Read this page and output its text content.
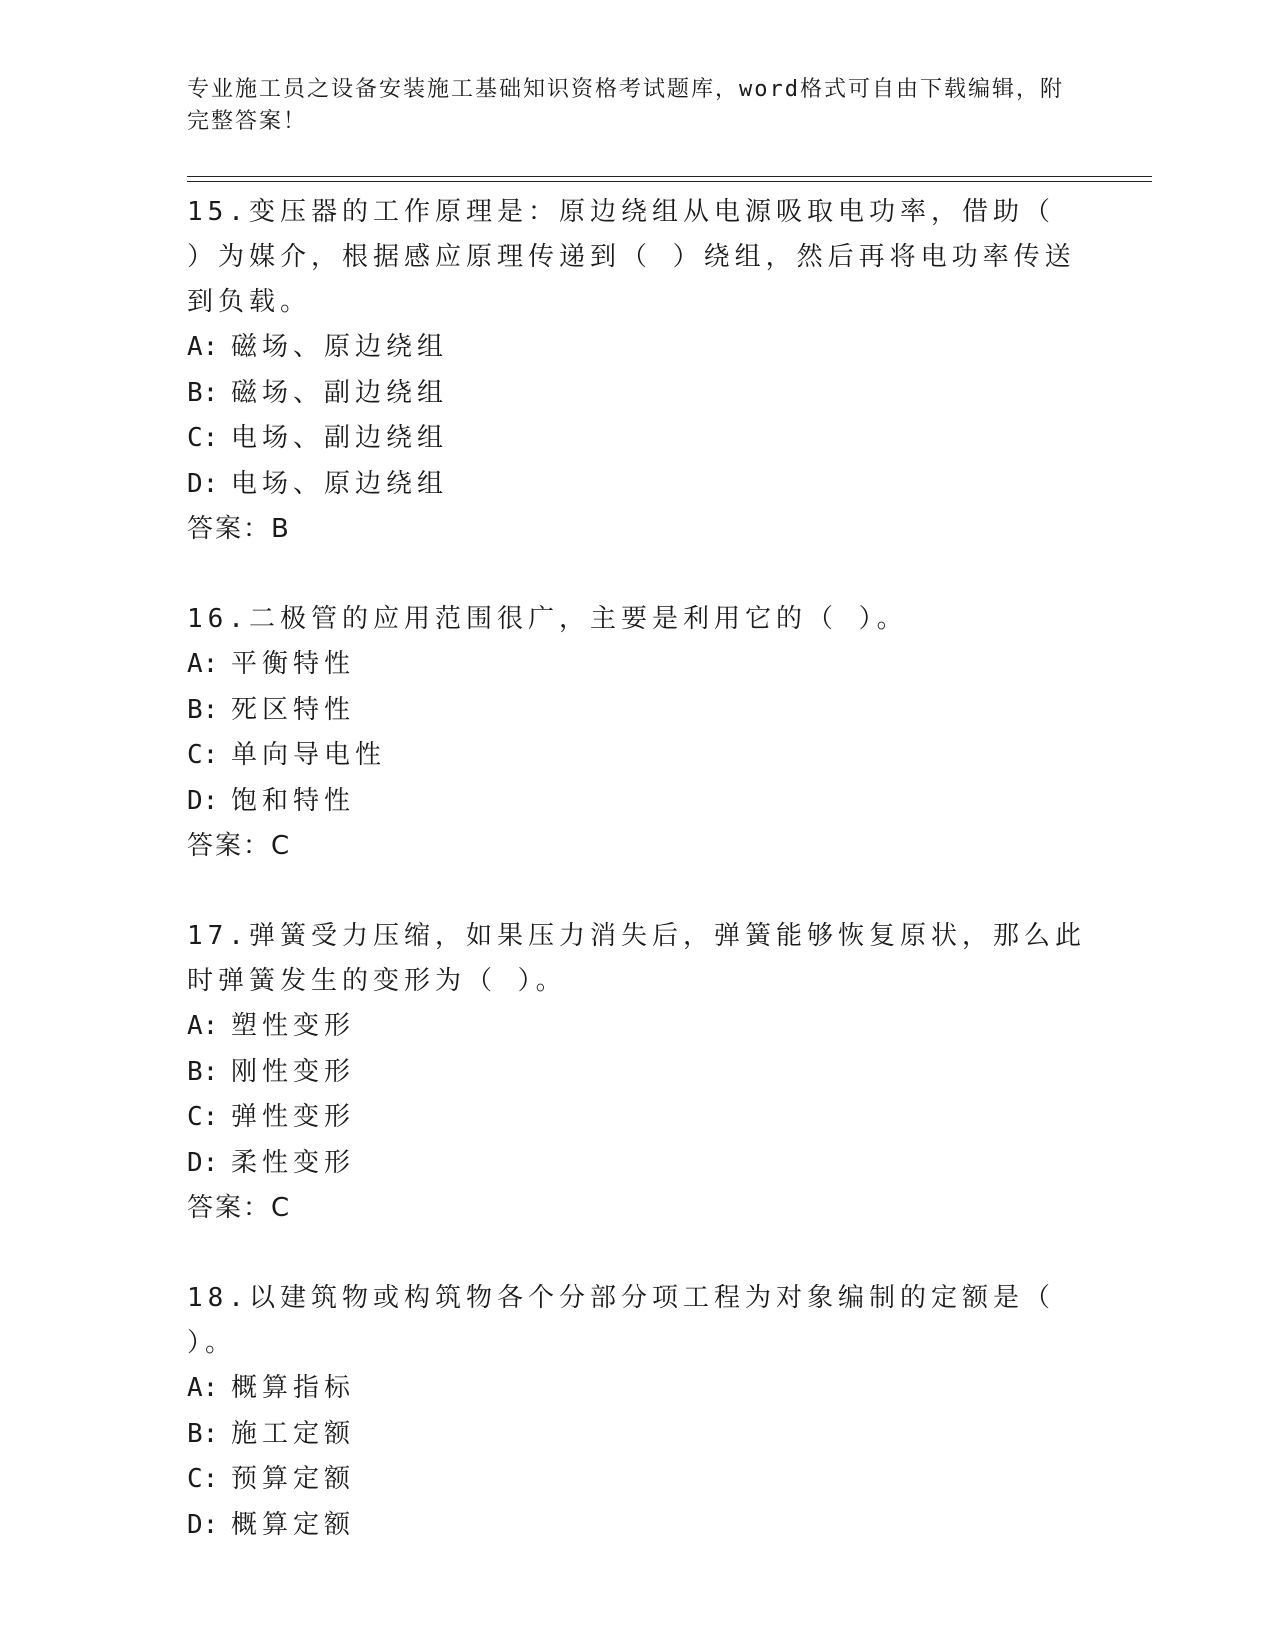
专业施工员之设备安装施工基础知识资格考试题库，word格式可自由下载编辑，附完整答案！
15.变压器的工作原理是：原边绕组从电源吸取电功率，借助（ ）为媒介，根据感应原理传递到（ ）绕组，然后再将电功率传送到负载。
A: 磁场、原边绕组
B: 磁场、副边绕组
C: 电场、副边绕组
D: 电场、原边绕组
答案：B
16.二极管的应用范围很广，主要是利用它的（ ）。
A: 平衡特性
B: 死区特性
C: 单向导电性
D: 饱和特性
答案：C
17.弹簧受力压缩，如果压力消失后，弹簧能够恢复原状，那么此时弹簧发生的变形为（ ）。
A: 塑性变形
B: 刚性变形
C: 弹性变形
D: 柔性变形
答案：C
18.以建筑物或构筑物各个分部分项工程为对象编制的定额是（ ）。
A: 概算指标
B: 施工定额
C: 预算定额
D: 概算定额
